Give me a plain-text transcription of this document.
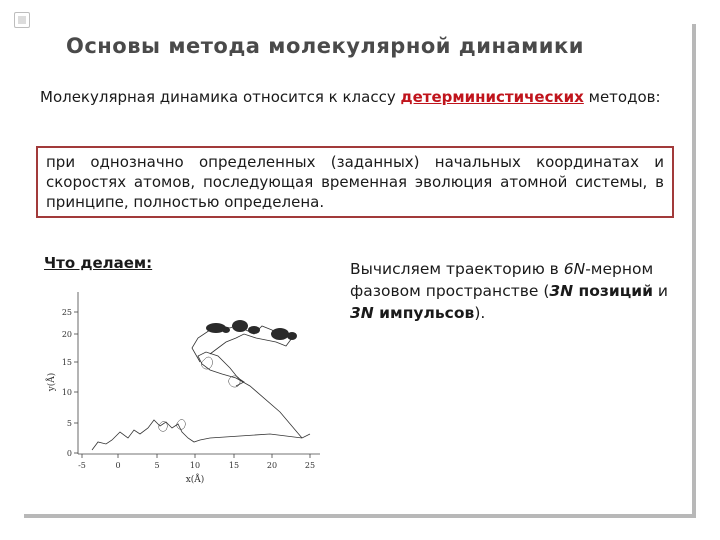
Основы метода молекулярной динамики
Молекулярная динамика относится к классу детерминистических методов:
при однозначно определенных (заданных) начальных координатах и скоростях атомов, последующая временная эволюция атомной системы, в принципе, полностью определена.
Что делаем:	Вычисляем траекторию в 6N-мерном фазовом пространстве (3N позиций и 3N импульсов).
0
5
10
15
20
25
-5	0	5	10	15	20	25
x(Å)
y(Å)
